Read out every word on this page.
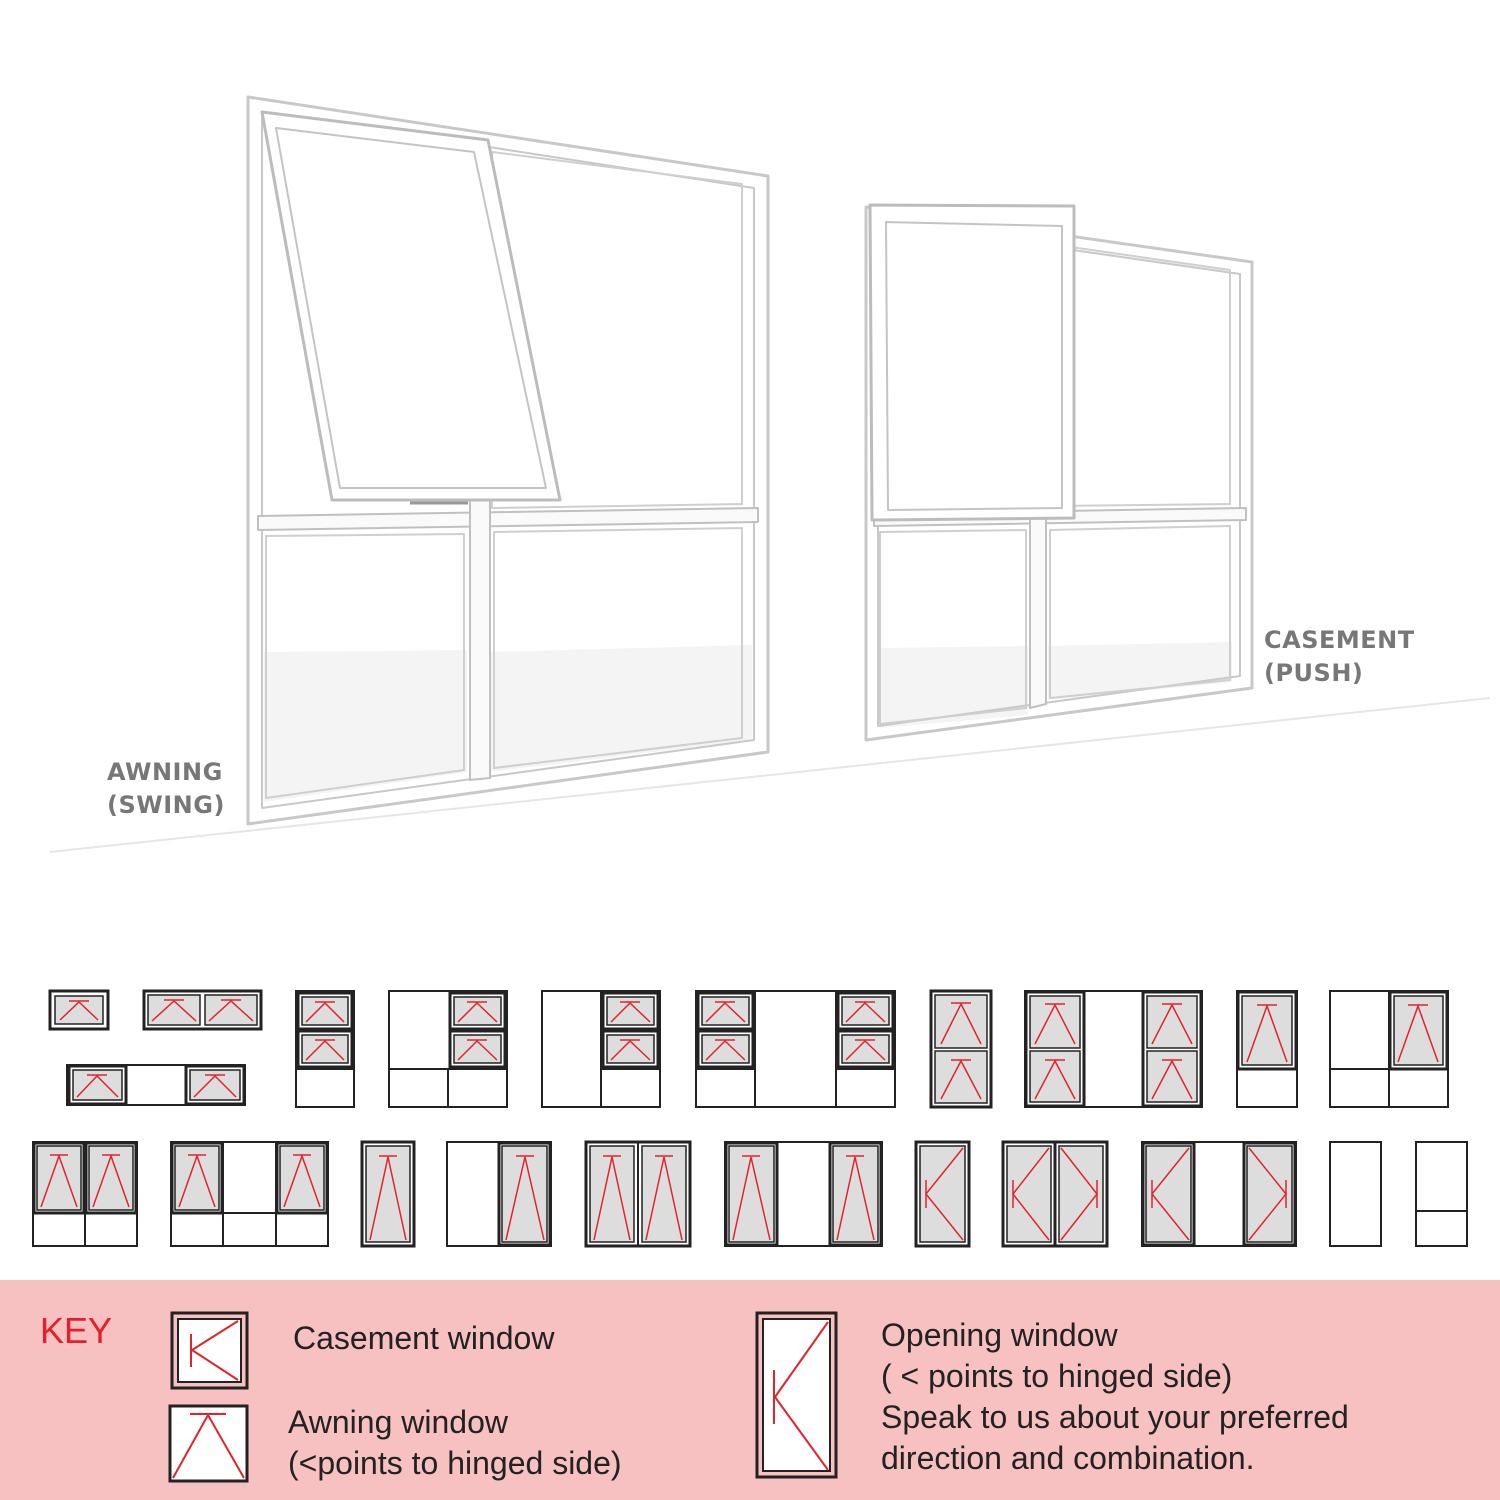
AWNING
(SWING)
CASEMENT
(PUSH)
KEY	Casement window
Awning window
(<points to hinged side)
Opening window
( < points to hinged side)
Speak to us about your preferred
direction and combination.
